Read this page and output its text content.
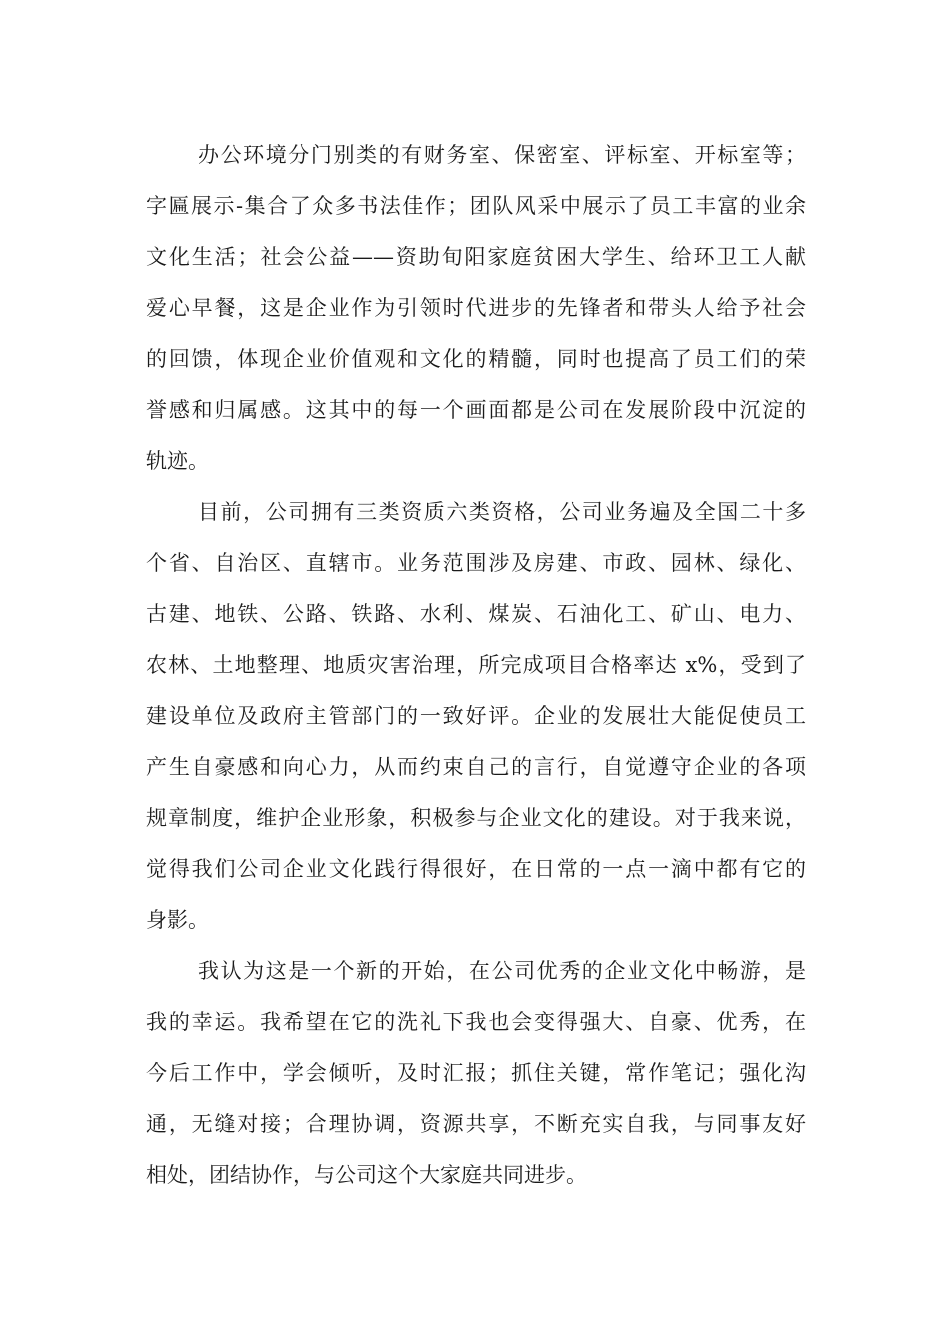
办公环境分门别类的有财务室、保密室、评标室、开标室等；
字匾展示-集合了众多书法佳作；团队风采中展示了员工丰富的业余
文化生活；社会公益——资助旬阳家庭贫困大学生、给环卫工人献
爱心早餐，这是企业作为引领时代进步的先锋者和带头人给予社会
的回馈，体现企业价值观和文化的精髓，同时也提高了员工们的荣
誉感和归属感。这其中的每一个画面都是公司在发展阶段中沉淀的
轨迹。
目前，公司拥有三类资质六类资格，公司业务遍及全国二十多
个省、自治区、直辖市。业务范围涉及房建、市政、园林、绿化、
古建、地铁、公路、铁路、水利、煤炭、石油化工、矿山、电力、
农林、土地整理、地质灾害治理，所完成项目合格率达 x%，受到了
建设单位及政府主管部门的一致好评。企业的发展壮大能促使员工
产生自豪感和向心力，从而约束自己的言行，自觉遵守企业的各项
规章制度，维护企业形象，积极参与企业文化的建设。对于我来说，
觉得我们公司企业文化践行得很好，在日常的一点一滴中都有它的
身影。
我认为这是一个新的开始，在公司优秀的企业文化中畅游，是
我的幸运。我希望在它的洗礼下我也会变得强大、自豪、优秀，在
今后工作中，学会倾听，及时汇报；抓住关键，常作笔记；强化沟
通，无缝对接；合理协调，资源共享，不断充实自我，与同事友好
相处，团结协作，与公司这个大家庭共同进步。
